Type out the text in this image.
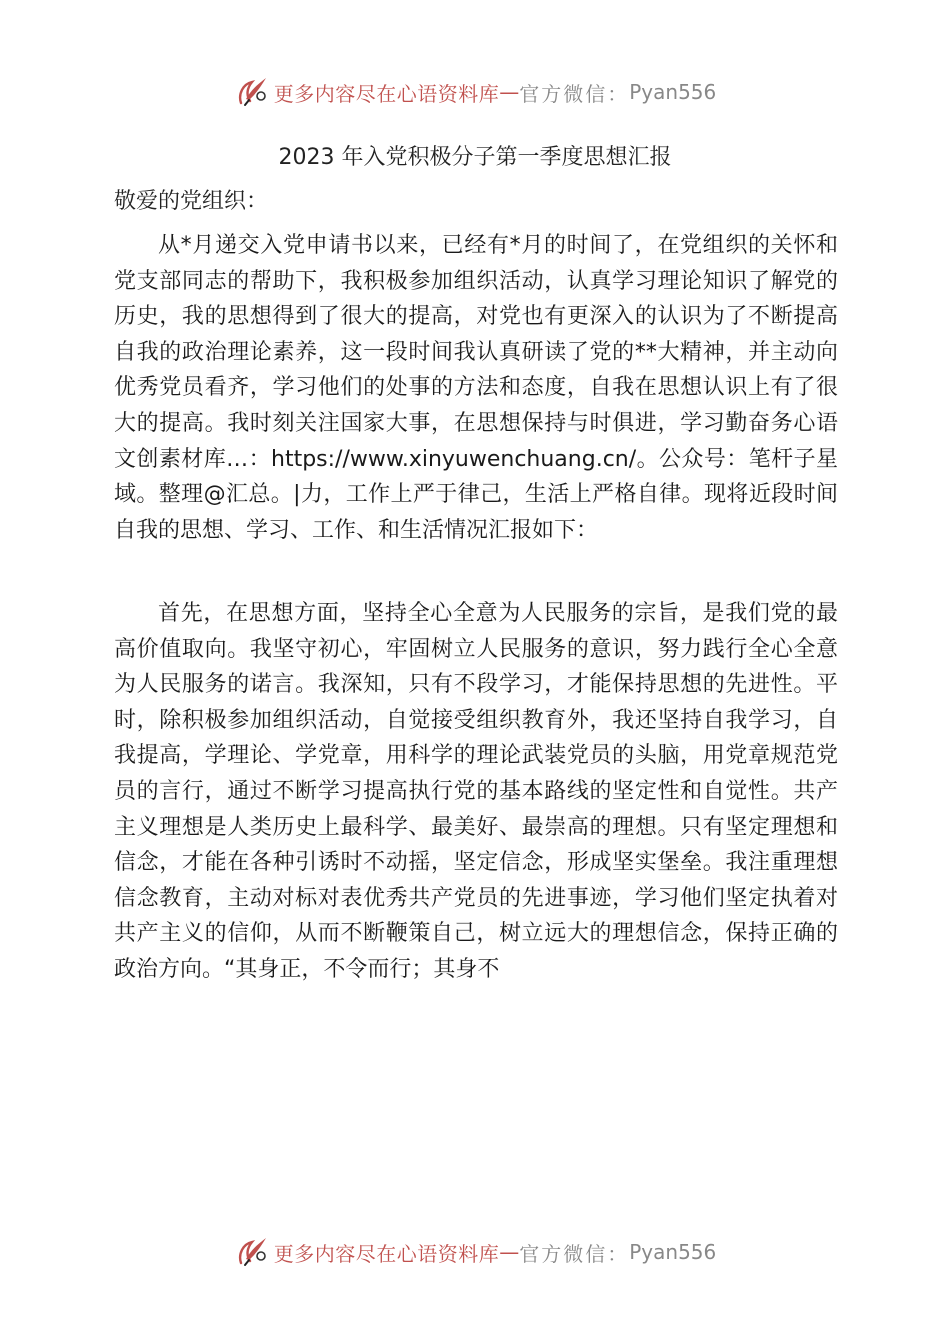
更多内容尽在心语资料库 — 官方微信： Pyan556
2023 年入党积极分子第一季度思想汇报
敬爱的党组织：

从*月递交入党申请书以来，已经有*月的时间了，在党组织的关怀和党支部同志的帮助下，我积极参加组织活动，认真学习理论知识了解党的历史，我的思想得到了很大的提高，对党也有更深入的认识为了不断提高自我的政治理论素养，这一段时间我认真研读了党的**大精神，并主动向优秀党员看齐，学习他们的处事的方法和态度，自我在思想认识上有了很大的提高。我时刻关注国家大事，在思想保持与时俱进，学习勤奋务心语文创素材库…：https://www.xinyuwenchuang.cn/。公众号：笔杆子星域。整理@汇总。|力，工作上严于律己，生活上严格自律。现将近段时间自我的思想、学习、工作、和生活情况汇报如下：

首先，在思想方面，坚持全心全意为人民服务的宗旨，是我们党的最高价值取向。我坚守初心，牢固树立人民服务的意识，努力践行全心全意为人民服务的诺言。我深知，只有不段学习，才能保持思想的先进性。平时，除积极参加组织活动，自觉接受组织教育外，我还坚持自我学习，自我提高，学理论、学党章，用科学的理论武装党员的头脑，用党章规范党员的言行，通过不断学习提高执行党的基本路线的坚定性和自觉性。共产主义理想是人类历史上最科学、最美好、最崇高的理想。只有坚定理想和信念，才能在各种引诱时不动摇，坚定信念，形成坚实堡垒。我注重理想信念教育，主动对标对表优秀共产党员的先进事迹，学习他们坚定执着对共产主义的信仰，从而不断鞭策自己，树立远大的理想信念，保持正确的政治方向。“其身正，不令而行；其身不

更多内容尽在心语资料库 — 官方微信： Pyan556
